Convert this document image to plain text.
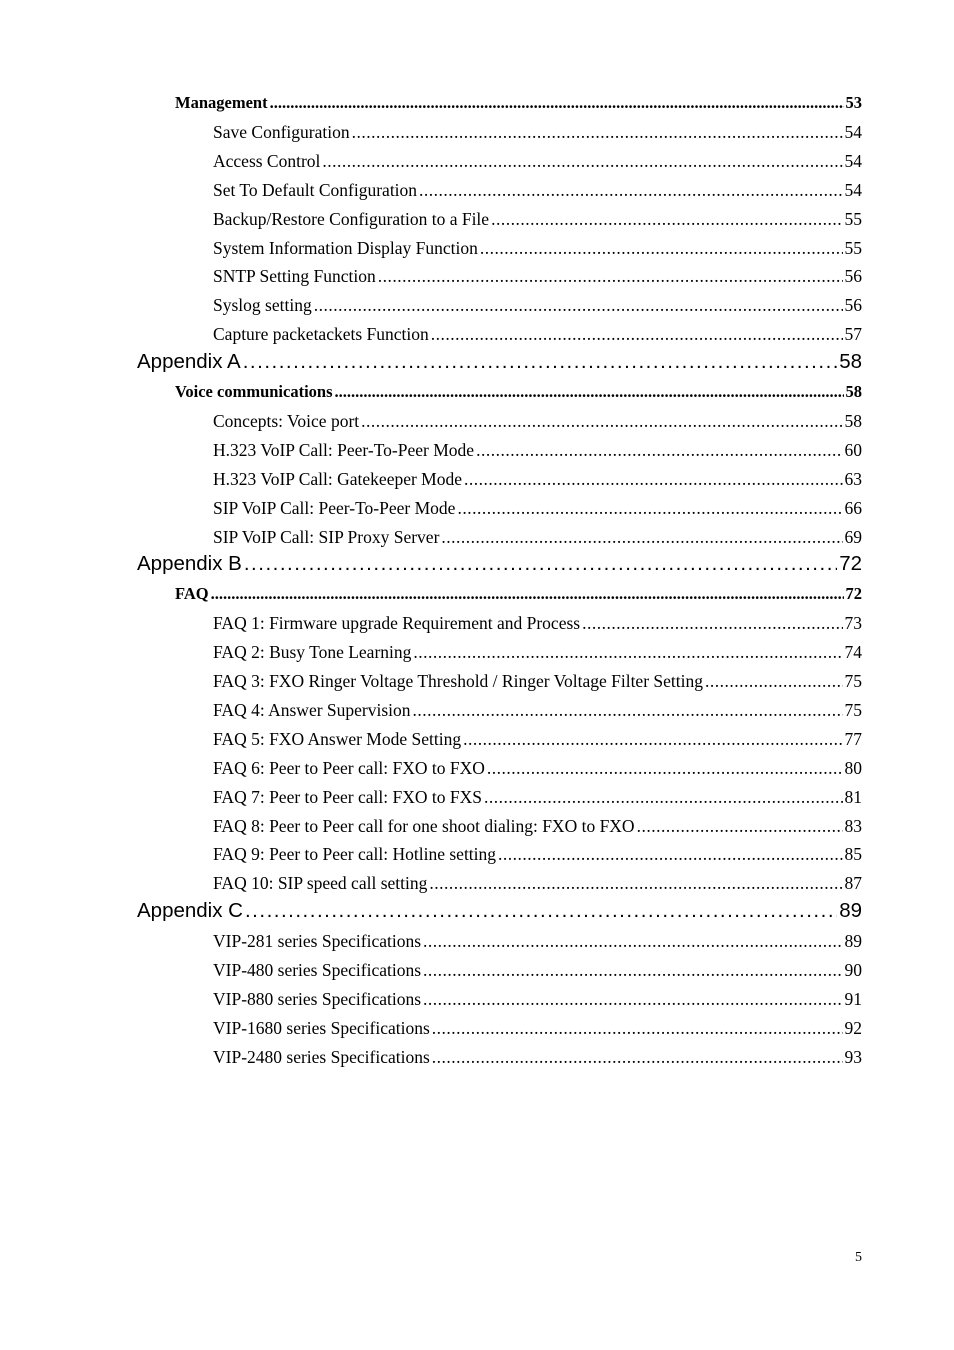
Management .....	53
Save Configuration .....	54
Access Control .....	54
Set To Default Configuration .....	54
Backup/Restore Configuration to a File .....	55
System Information Display Function .....	55
SNTP Setting Function .....	56
Syslog setting .....	56
Capture packetackets Function .....	57
Appendix A .....	58
Voice communications .....	58
Concepts: Voice port .....	58
H.323 VoIP Call: Peer-To-Peer Mode .....	60
H.323 VoIP Call: Gatekeeper Mode .....	63
SIP VoIP Call: Peer-To-Peer Mode .....	66
SIP VoIP Call: SIP Proxy Server .....	69
Appendix B .....	72
FAQ .....	72
FAQ 1: Firmware upgrade Requirement and Process .....	73
FAQ 2: Busy Tone Learning .....	74
FAQ 3: FXO Ringer Voltage Threshold / Ringer Voltage Filter Setting .....	75
FAQ 4: Answer Supervision .....	75
FAQ 5: FXO Answer Mode Setting .....	77
FAQ 6: Peer to Peer call: FXO to FXO .....	80
FAQ 7: Peer to Peer call: FXO to FXS .....	81
FAQ 8: Peer to Peer call for one shoot dialing: FXO to FXO .....	83
FAQ 9: Peer to Peer call: Hotline setting .....	85
FAQ 10: SIP speed call setting .....	87
Appendix C .....	89
VIP-281 series Specifications .....	89
VIP-480 series Specifications .....	90
VIP-880 series Specifications .....	91
VIP-1680 series Specifications .....	92
VIP-2480 series Specifications .....	93
5
